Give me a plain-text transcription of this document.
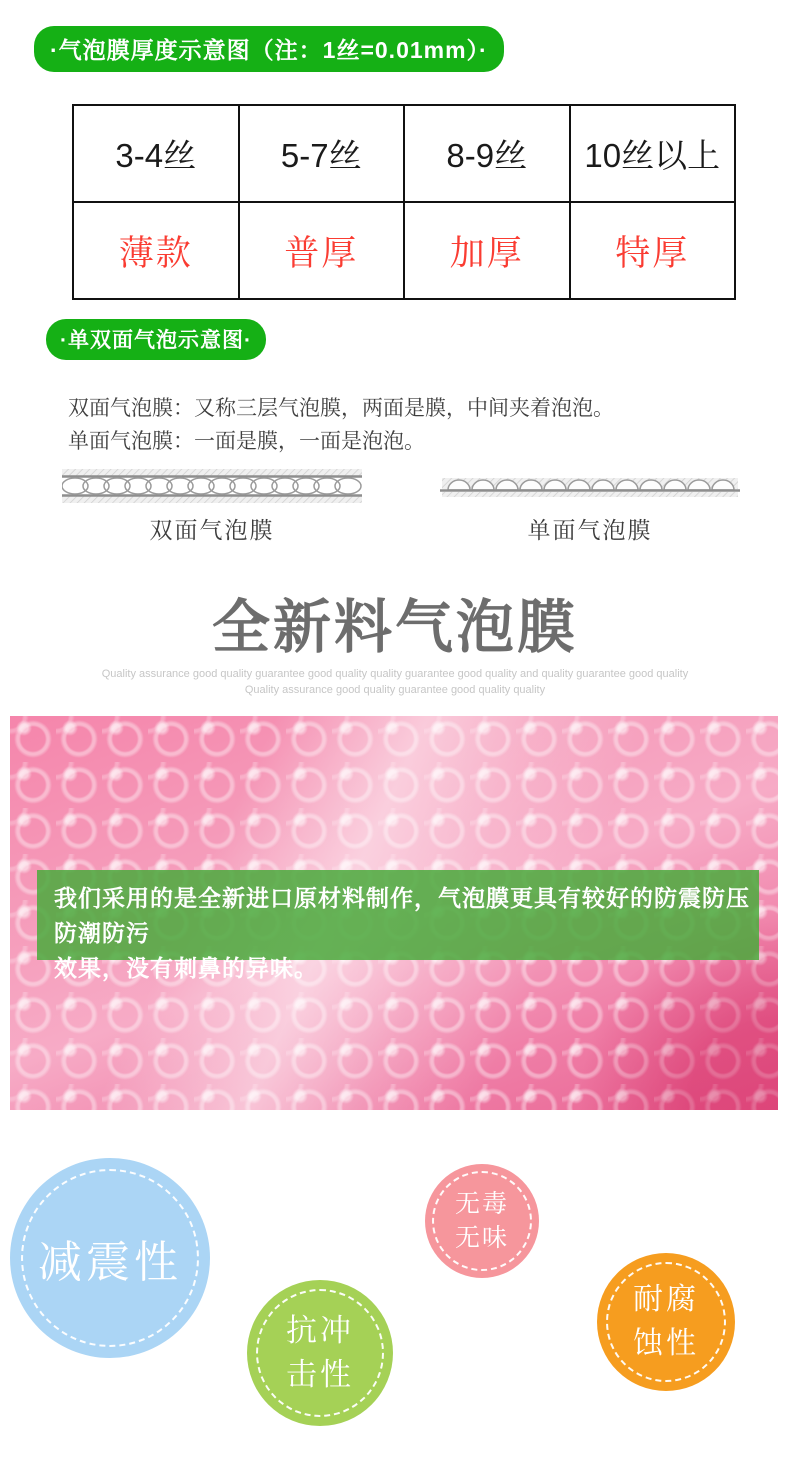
·气泡膜厚度示意图（注：1丝=0.01mm）·
3-4丝	5-7丝	8-9丝	10丝以上
薄款	普厚	加厚	特厚
·单双面气泡示意图·
双面气泡膜：又称三层气泡膜，两面是膜，中间夹着泡泡。
单面气泡膜：一面是膜，一面是泡泡。
双面气泡膜	单面气泡膜
全新料气泡膜
Quality assurance good quality guarantee good quality quality guarantee good quality and quality guarantee good quality
Quality assurance good quality guarantee good quality quality
我们采用的是全新进口原材料制作，气泡膜更具有较好的防震防压防潮防污
效果，没有刺鼻的异味。
减震性
无毒
无味
抗冲
击性
耐腐
蚀性
